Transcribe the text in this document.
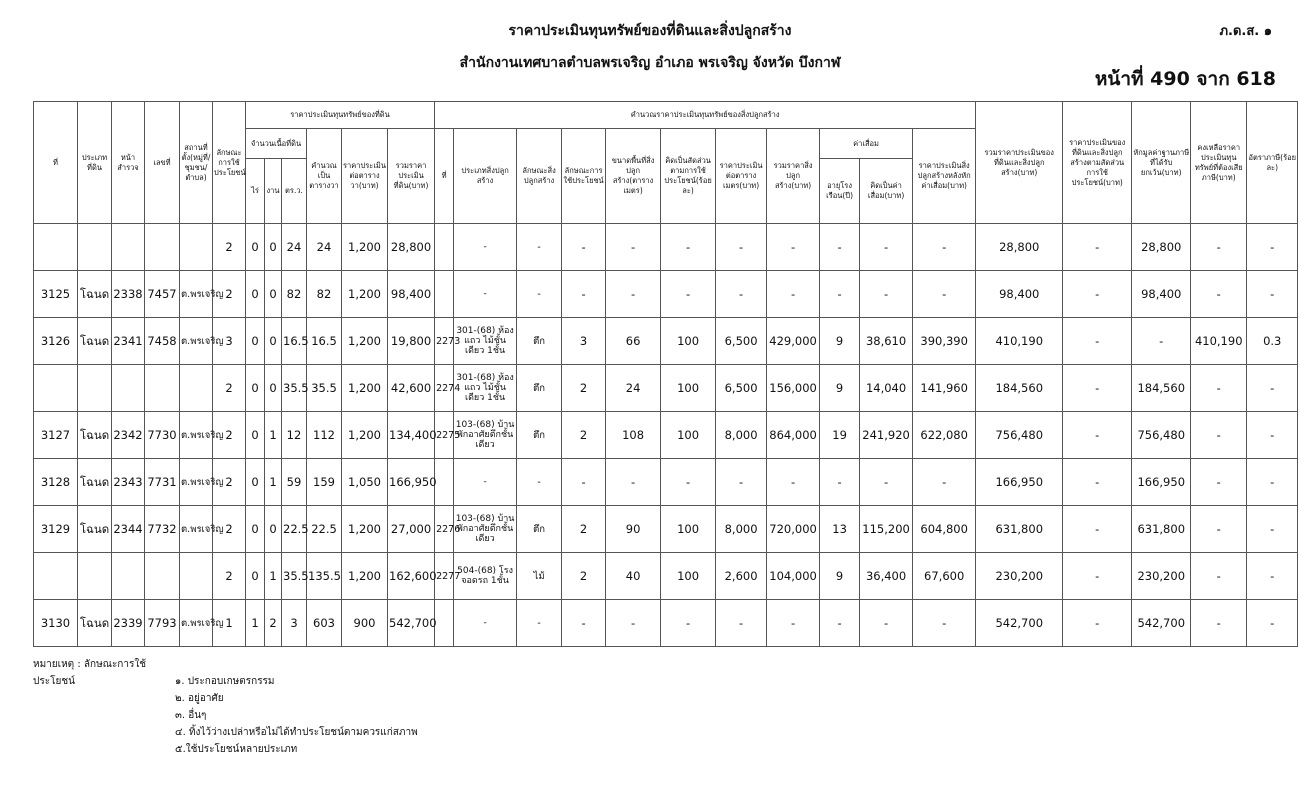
ราคาประเมินทุนทรัพย์ของที่ดินและสิ่งปลูกสร้าง
สำนักงานเทศบาลตำบลพรเจริญ อำเภอ พรเจริญ จังหวัด บึงกาฬ
ภ.ด.ส. ๑
หน้าที่ 490 จาก 618
ที่	ประเภทที่ดิน	หน้าสำรวจ	เลขที่	สถานที่ตั้ง(หมู่ที่/ชุมชน/ตำบล)	ลักษณะการใช้ประโยชน์	ราคาประเมินทุนทรัพย์ของที่ดิน						คำนวณราคาประเมินทุนทรัพย์ของสิ่งปลูกสร้าง											รวมราคาประเมินของที่ดินและสิ่งปลูกสร้าง(บาท)	ราคาประเมินของที่ดินและสิ่งปลูกสร้างตามสัดส่วนการใช้ประโยชน์(บาท)	หักมูลค่าฐานภาษีที่ได้รับยกเว้น(บาท)	คงเหลือราคาประเมินทุนทรัพย์ที่ต้องเสียภาษี(บาท)	อัตราภาษี(ร้อยละ)
						จำนวนเนื้อที่ดิน			คำนวณเป็นตารางวา	ราคาประเมินต่อตารางวา(บาท)	รวมราคาประเมินที่ดิน(บาท)	ที่	ประเภทสิ่งปลูกสร้าง	ลักษณะสิ่งปลูกสร้าง	ลักษณะการใช้ประโยชน์	ขนาดพื้นที่สิ่งปลูกสร้าง(ตารางเมตร)	คิดเป็นสัดส่วนตามการใช้ประโยชน์(ร้อยละ)	ราคาประเมินต่อตารางเมตร(บาท)	รวมราคาสิ่งปลูกสร้าง(บาท)	ค่าเสื่อม		ราคาประเมินสิ่งปลูกสร้างหลังหักค่าเสื่อม(บาท)					
						ไร่	งาน	ตร.ว.												อายุโรงเรือน(ปี)	คิดเป็นค่าเสื่อม(บาท)						
					2	0	0	24	24	1,200	28,800		-	-	-	-	-	-	-	-	-	-	28,800	-	28,800	-	-
3125	โฉนด	2338	7457	ต.พรเจริญ	2	0	0	82	82	1,200	98,400		-	-	-	-	-	-	-	-	-	-	98,400	-	98,400	-	-
3126	โฉนด	2341	7458	ต.พรเจริญ	3	0	0	16.5	16.5	1,200	19,800	2273	301-(68) ห้องแถว ไม้ชั้นเดียว 1ชั้น	ตึก	3	66	100	6,500	429,000	9	38,610	390,390	410,190	-	-	410,190	0.3
					2	0	0	35.5	35.5	1,200	42,600	2274	301-(68) ห้องแถว ไม้ชั้นเดียว 1ชั้น	ตึก	2	24	100	6,500	156,000	9	14,040	141,960	184,560	-	184,560	-	-
3127	โฉนด	2342	7730	ต.พรเจริญ	2	0	1	12	112	1,200	134,400	2275	103-(68) บ้านพักอาศัยตึกชั้นเดียว	ตึก	2	108	100	8,000	864,000	19	241,920	622,080	756,480	-	756,480	-	-
3128	โฉนด	2343	7731	ต.พรเจริญ	2	0	1	59	159	1,050	166,950		-	-	-	-	-	-	-	-	-	-	166,950	-	166,950	-	-
3129	โฉนด	2344	7732	ต.พรเจริญ	2	0	0	22.5	22.5	1,200	27,000	2276	103-(68) บ้านพักอาศัยตึกชั้นเดียว	ตึก	2	90	100	8,000	720,000	13	115,200	604,800	631,800	-	631,800	-	-
					2	0	1	35.5	135.5	1,200	162,600	2277	504-(68) โรงจอดรถ 1ชั้น	ไม้	2	40	100	2,600	104,000	9	36,400	67,600	230,200	-	230,200	-	-
3130	โฉนด	2339	7793	ต.พรเจริญ	1	1	2	3	603	900	542,700		-	-	-	-	-	-	-	-	-	-	542,700	-	542,700	-	-
หมายเหตุ : ลักษณะการใช้ประโยชน์	๑. ประกอบเกษตรกรรม
๒. อยู่อาศัย
๓. อื่นๆ
๔. ทิ้งไว้ว่างเปล่าหรือไม่ได้ทำประโยชน์ตามควรแก่สภาพ
๕.ใช้ประโยชน์หลายประเภท
